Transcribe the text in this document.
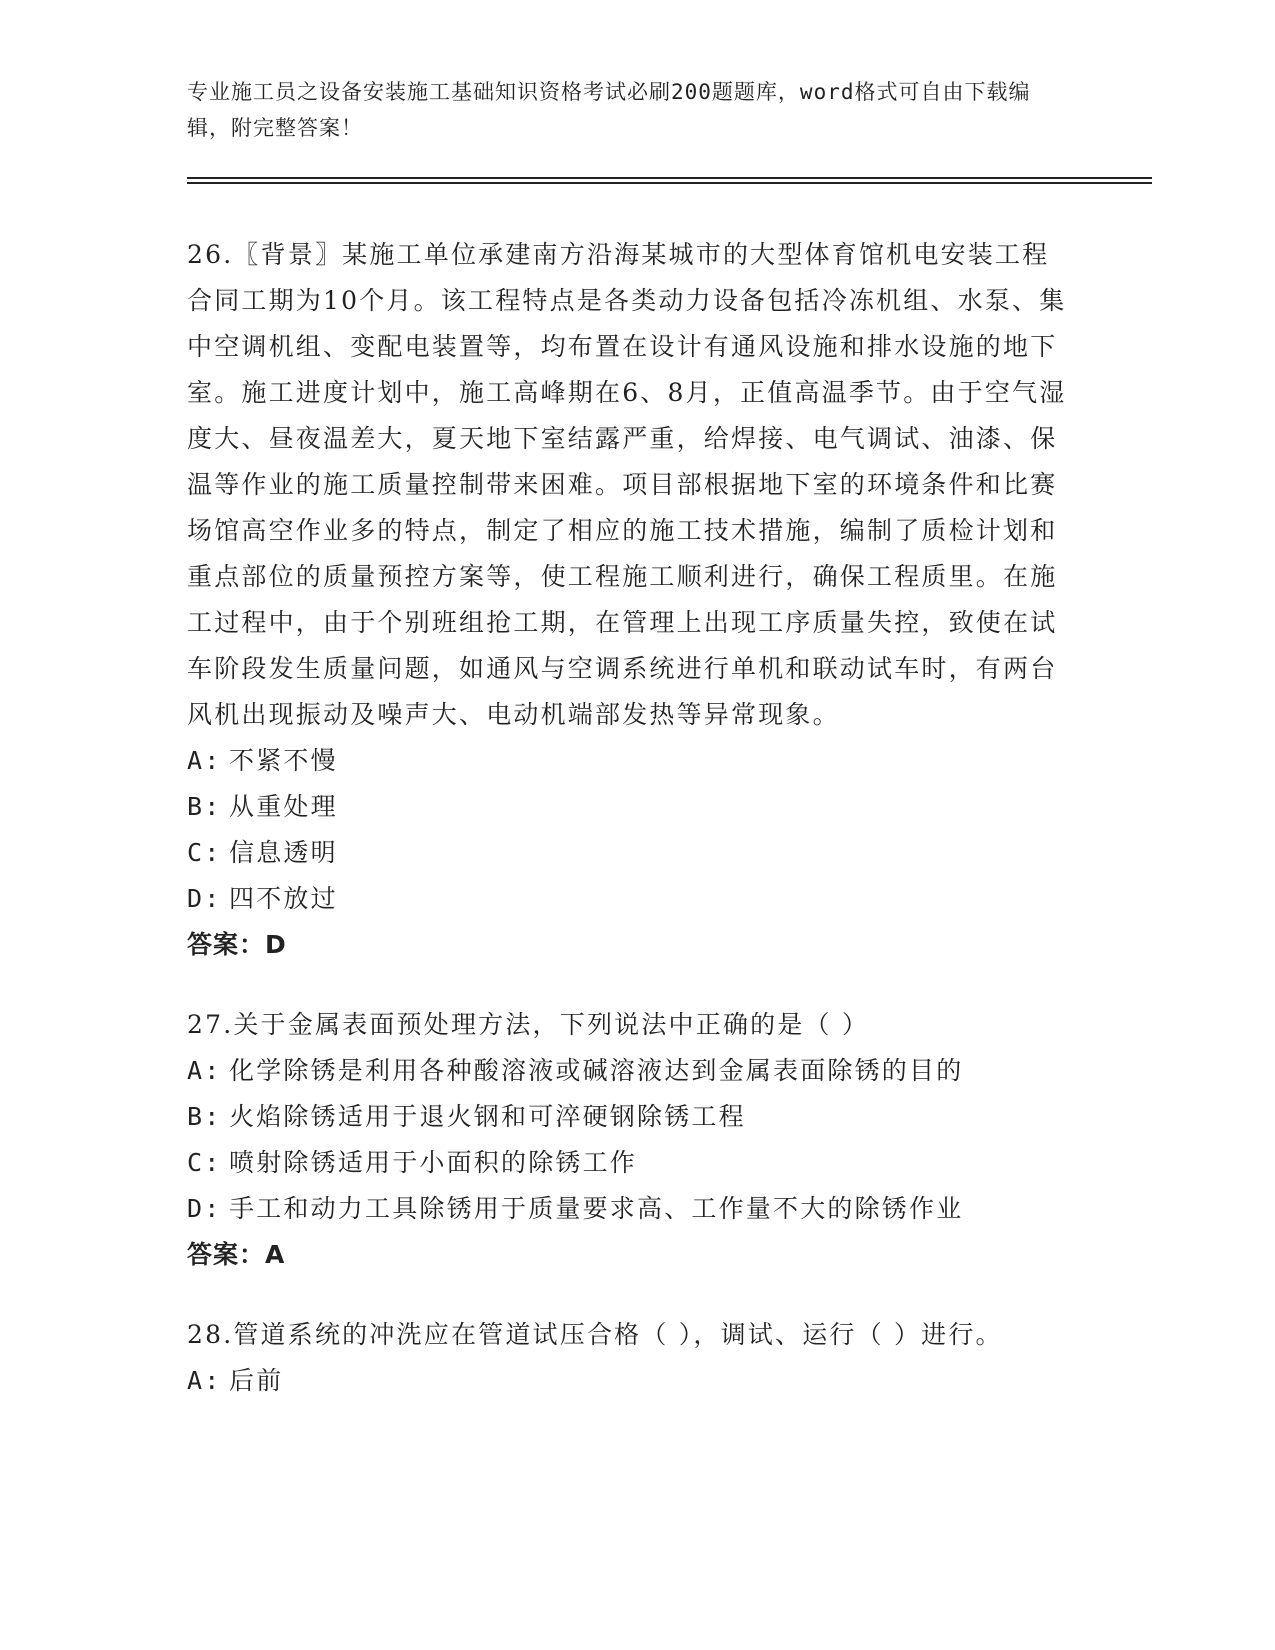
专业施工员之设备安装施工基础知识资格考试必刷200题题库，word格式可自由下载编辑，附完整答案！

26.〖背景〗某施工单位承建南方沿海某城市的大型体育馆机电安装工程合同工期为10个月。该工程特点是各类动力设备包括冷冻机组、水泵、集中空调机组、变配电装置等，均布置在设计有通风设施和排水设施的地下室。施工进度计划中，施工高峰期在6、8月，正值高温季节。由于空气湿度大、昼夜温差大，夏天地下室结露严重，给焊接、电气调试、油漆、保温等作业的施工质量控制带来困难。项目部根据地下室的环境条件和比赛场馆高空作业多的特点，制定了相应的施工技术措施，编制了质检计划和重点部位的质量预控方案等，使工程施工顺利进行，确保工程质里。在施工过程中，由于个别班组抢工期，在管理上出现工序质量失控，致使在试车阶段发生质量问题，如通风与空调系统进行单机和联动试车时，有两台风机出现振动及噪声大、电动机端部发热等异常现象。

A: 不紧不慢

B: 从重处理

C: 信息透明

D: 四不放过

答案：D

27.关于金属表面预处理方法，下列说法中正确的是（ ）

A: 化学除锈是利用各种酸溶液或碱溶液达到金属表面除锈的目的

B: 火焰除锈适用于退火钢和可淬硬钢除锈工程

C: 喷射除锈适用于小面积的除锈工作

D: 手工和动力工具除锈用于质量要求高、工作量不大的除锈作业

答案：A

28.管道系统的冲洗应在管道试压合格（ ），调试、运行（ ）进行。

A: 后前
